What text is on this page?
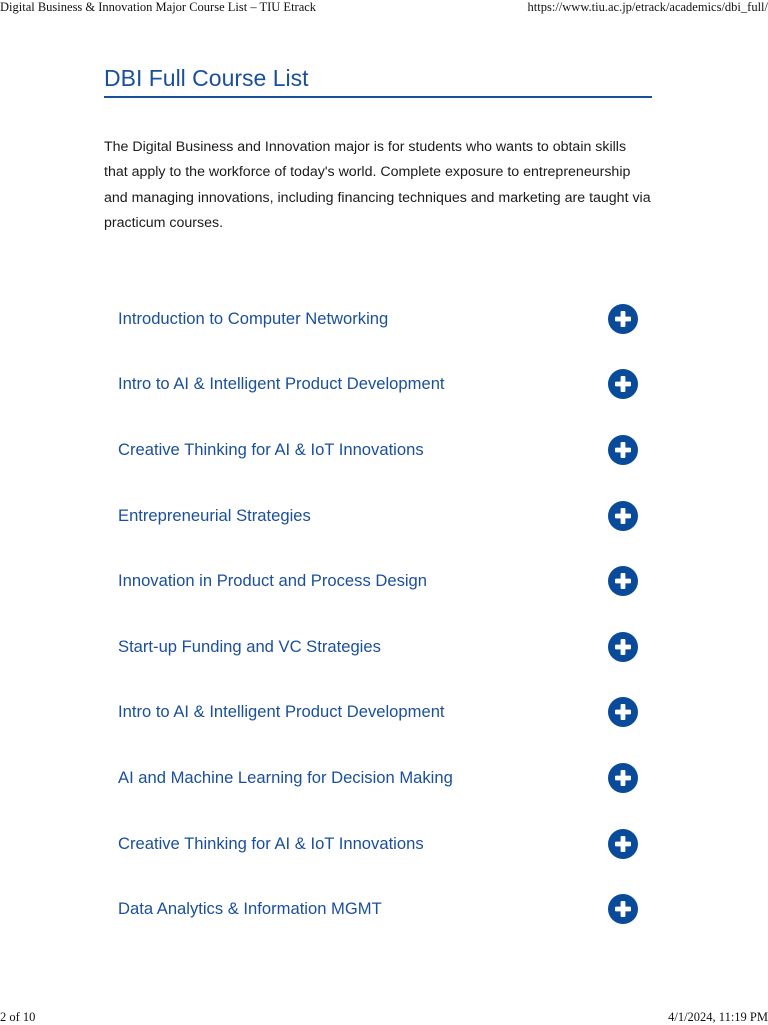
Digital Business & Innovation Major Course List – TIU Etrack	https://www.tiu.ac.jp/etrack/academics/dbi_full/
DBI Full Course List

The Digital Business and Innovation major is for students who wants to obtain skills that apply to the workforce of today's world. Complete exposure to entrepreneurship and managing innovations, including financing techniques and marketing are taught via practicum courses.

Introduction to Computer Networking
Intro to AI & Intelligent Product Development
Creative Thinking for AI & IoT Innovations
Entrepreneurial Strategies
Innovation in Product and Process Design
Start-up Funding and VC Strategies
Intro to AI & Intelligent Product Development
AI and Machine Learning for Decision Making
Creative Thinking for AI & IoT Innovations
Data Analytics & Information MGMT
2 of 10	4/1/2024, 11:19 PM
